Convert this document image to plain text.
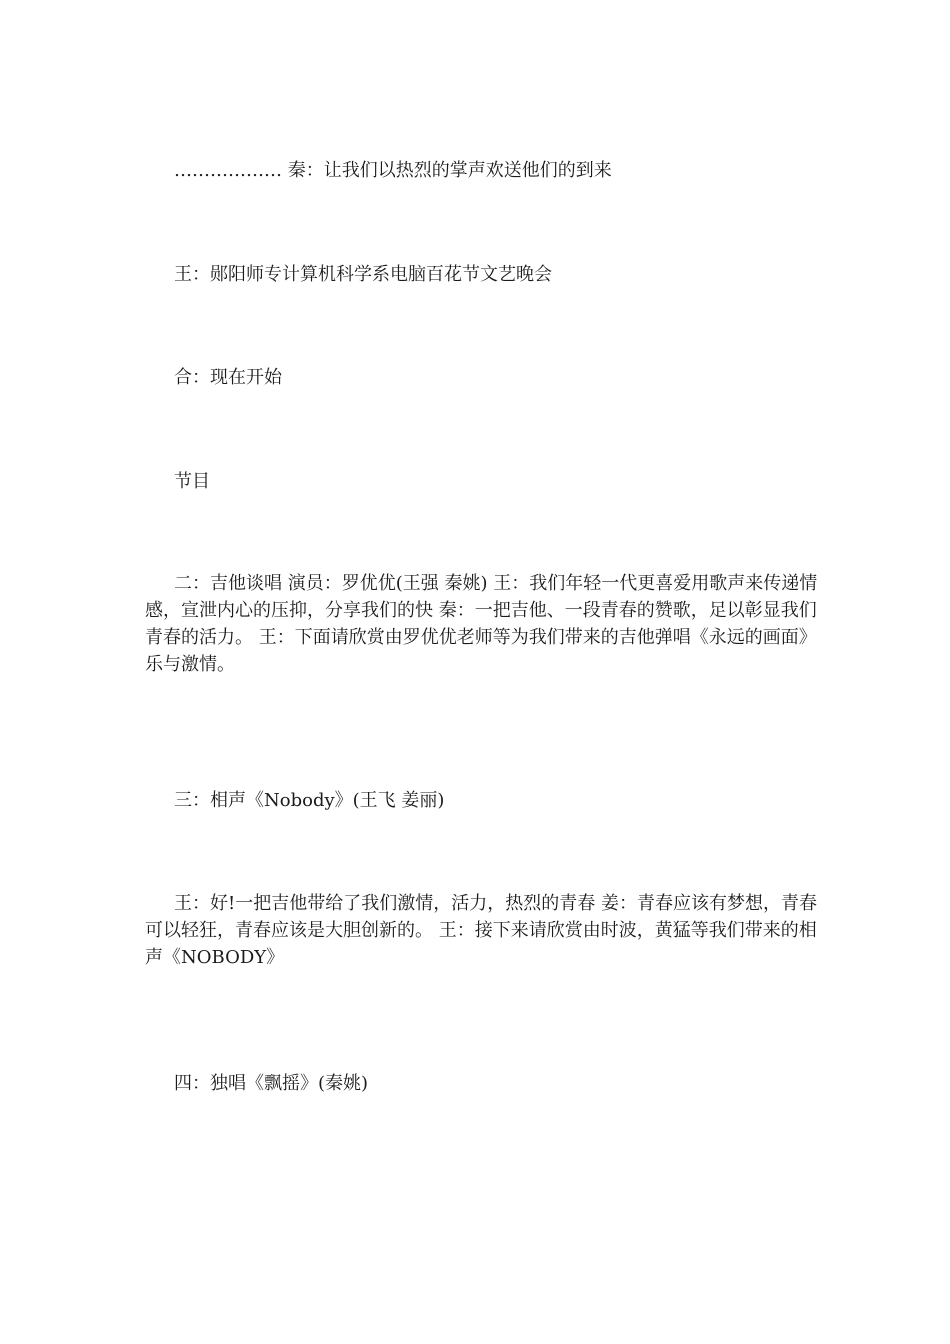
……………… 秦：让我们以热烈的掌声欢送他们的到来

王：郧阳师专计算机科学系电脑百花节文艺晚会

合：现在开始

节目

二：吉他谈唱 演员：罗优优(王强 秦姚) 王：我们年轻一代更喜爱用歌声来传递情感，宣泄内心的压抑，分享我们的快 秦：一把吉他、一段青春的赞歌，足以彰显我们青春的活力。 王：下面请欣赏由罗优优老师等为我们带来的吉他弹唱《永远的画面》 乐与激情。

三：相声《Nobody》(王飞 姜丽)

王：好!一把吉他带给了我们激情，活力，热烈的青春 姜：青春应该有梦想，青春可以轻狂，青春应该是大胆创新的。 王：接下来请欣赏由时波，黄猛等我们带来的相声《NOBODY》

四：独唱《飘摇》(秦姚)
